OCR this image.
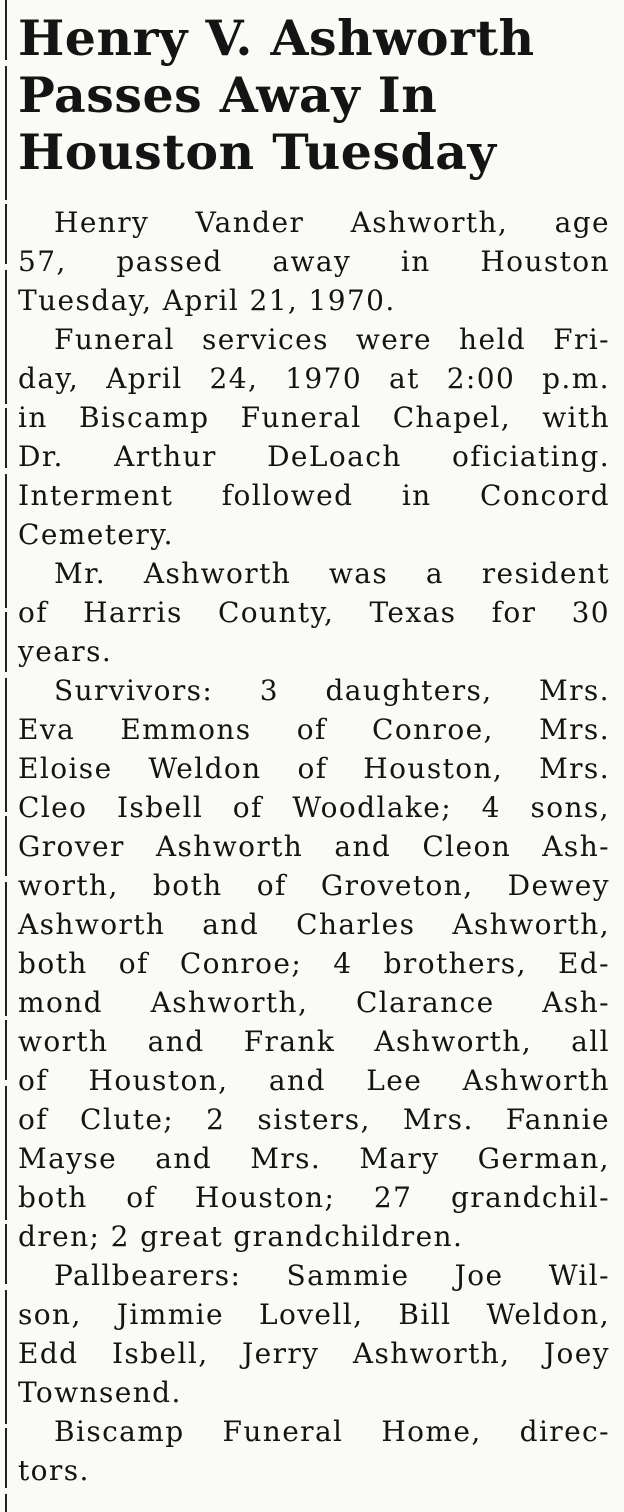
Henry V. Ashworth
Passes Away In
Houston Tuesday

Henry Vander Ashworth, age
57, passed away in Houston
Tuesday, April 21, 1970.

Funeral services were held Fri-
day, April 24, 1970 at 2:00 p.m.
in Biscamp Funeral Chapel, with
Dr. Arthur DeLoach oficiating.
Interment followed in Concord
Cemetery.

Mr. Ashworth was a resident
of Harris County, Texas for 30
years.

Survivors: 3 daughters, Mrs.
Eva Emmons of Conroe, Mrs.
Eloise Weldon of Houston, Mrs.
Cleo Isbell of Woodlake; 4 sons,
Grover Ashworth and Cleon Ash-
worth, both of Groveton, Dewey
Ashworth and Charles Ashworth,
both of Conroe; 4 brothers, Ed-
mond Ashworth, Clarance Ash-
worth and Frank Ashworth, all
of Houston, and Lee Ashworth
of Clute; 2 sisters, Mrs. Fannie
Mayse and Mrs. Mary German,
both of Houston; 27 grandchil-
dren; 2 great grandchildren.

Pallbearers: Sammie Joe Wil-
son, Jimmie Lovell, Bill Weldon,
Edd Isbell, Jerry Ashworth, Joey
Townsend.

Biscamp Funeral Home, direc-
tors.
